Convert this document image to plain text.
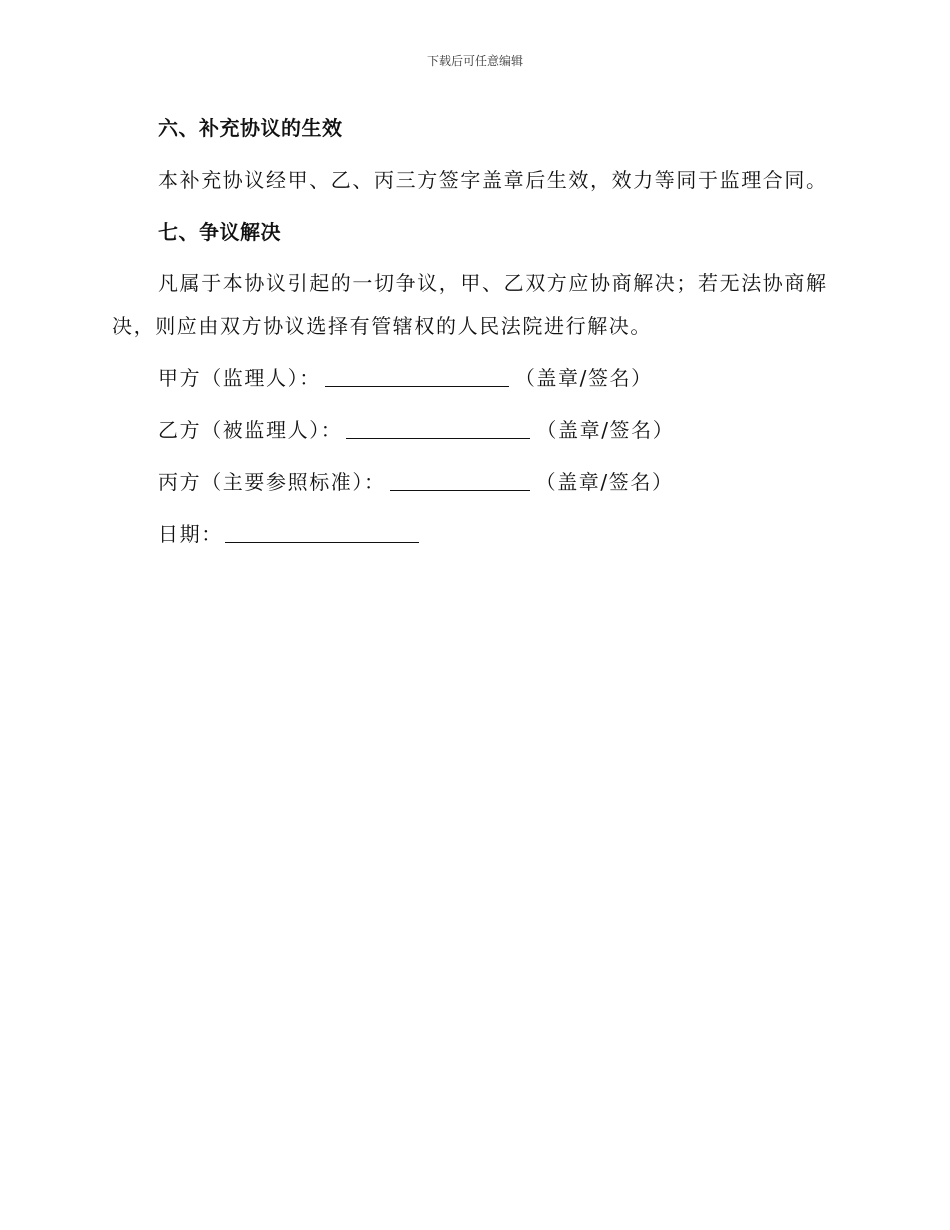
下载后可任意编辑
六、补充协议的生效
本补充协议经甲、乙、丙三方签字盖章后生效，效力等同于监理合同。
七、争议解决
凡属于本协议引起的一切争议，甲、乙双方应协商解决；若无法协商解
决，则应由双方协议选择有管辖权的人民法院进行解决。
甲方（监理人）：	（盖章/签名）
乙方（被监理人）：	（盖章/签名）
丙方（主要参照标准）：	（盖章/签名）
日期：
